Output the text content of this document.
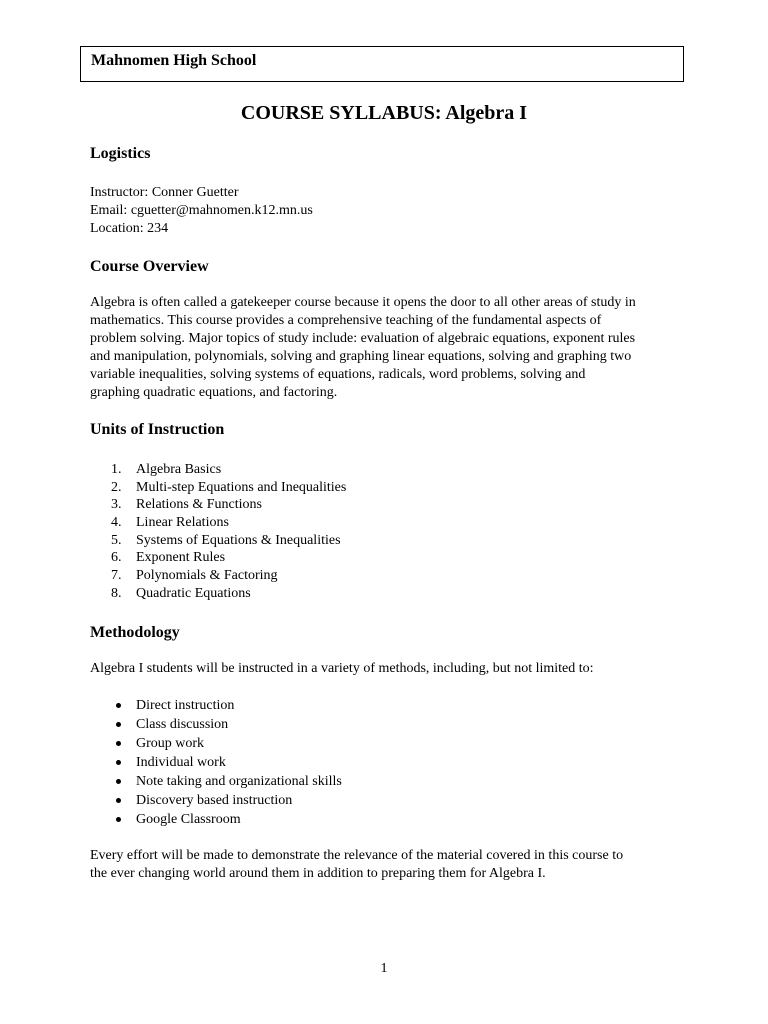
Mahnomen High School
COURSE SYLLABUS: Algebra I
Logistics
Instructor: Conner Guetter
Email: cguetter@mahnomen.k12.mn.us
Location: 234
Course Overview
Algebra is often called a gatekeeper course because it opens the door to all other areas of study in
mathematics. This course provides a comprehensive teaching of the fundamental aspects of
problem solving. Major topics of study include: evaluation of algebraic equations, exponent rules
and manipulation, polynomials, solving and graphing linear equations, solving and graphing two
variable inequalities, solving systems of equations, radicals, word problems, solving and
graphing quadratic equations, and factoring.
Units of Instruction
1. Algebra Basics
2. Multi-step Equations and Inequalities
3. Relations & Functions
4. Linear Relations
5. Systems of Equations & Inequalities
6. Exponent Rules
7. Polynomials & Factoring
8. Quadratic Equations
Methodology
Algebra I students will be instructed in a variety of methods, including, but not limited to:
Direct instruction
Class discussion
Group work
Individual work
Note taking and organizational skills
Discovery based instruction
Google Classroom
Every effort will be made to demonstrate the relevance of the material covered in this course to
the ever changing world around them in addition to preparing them for Algebra I.
1
